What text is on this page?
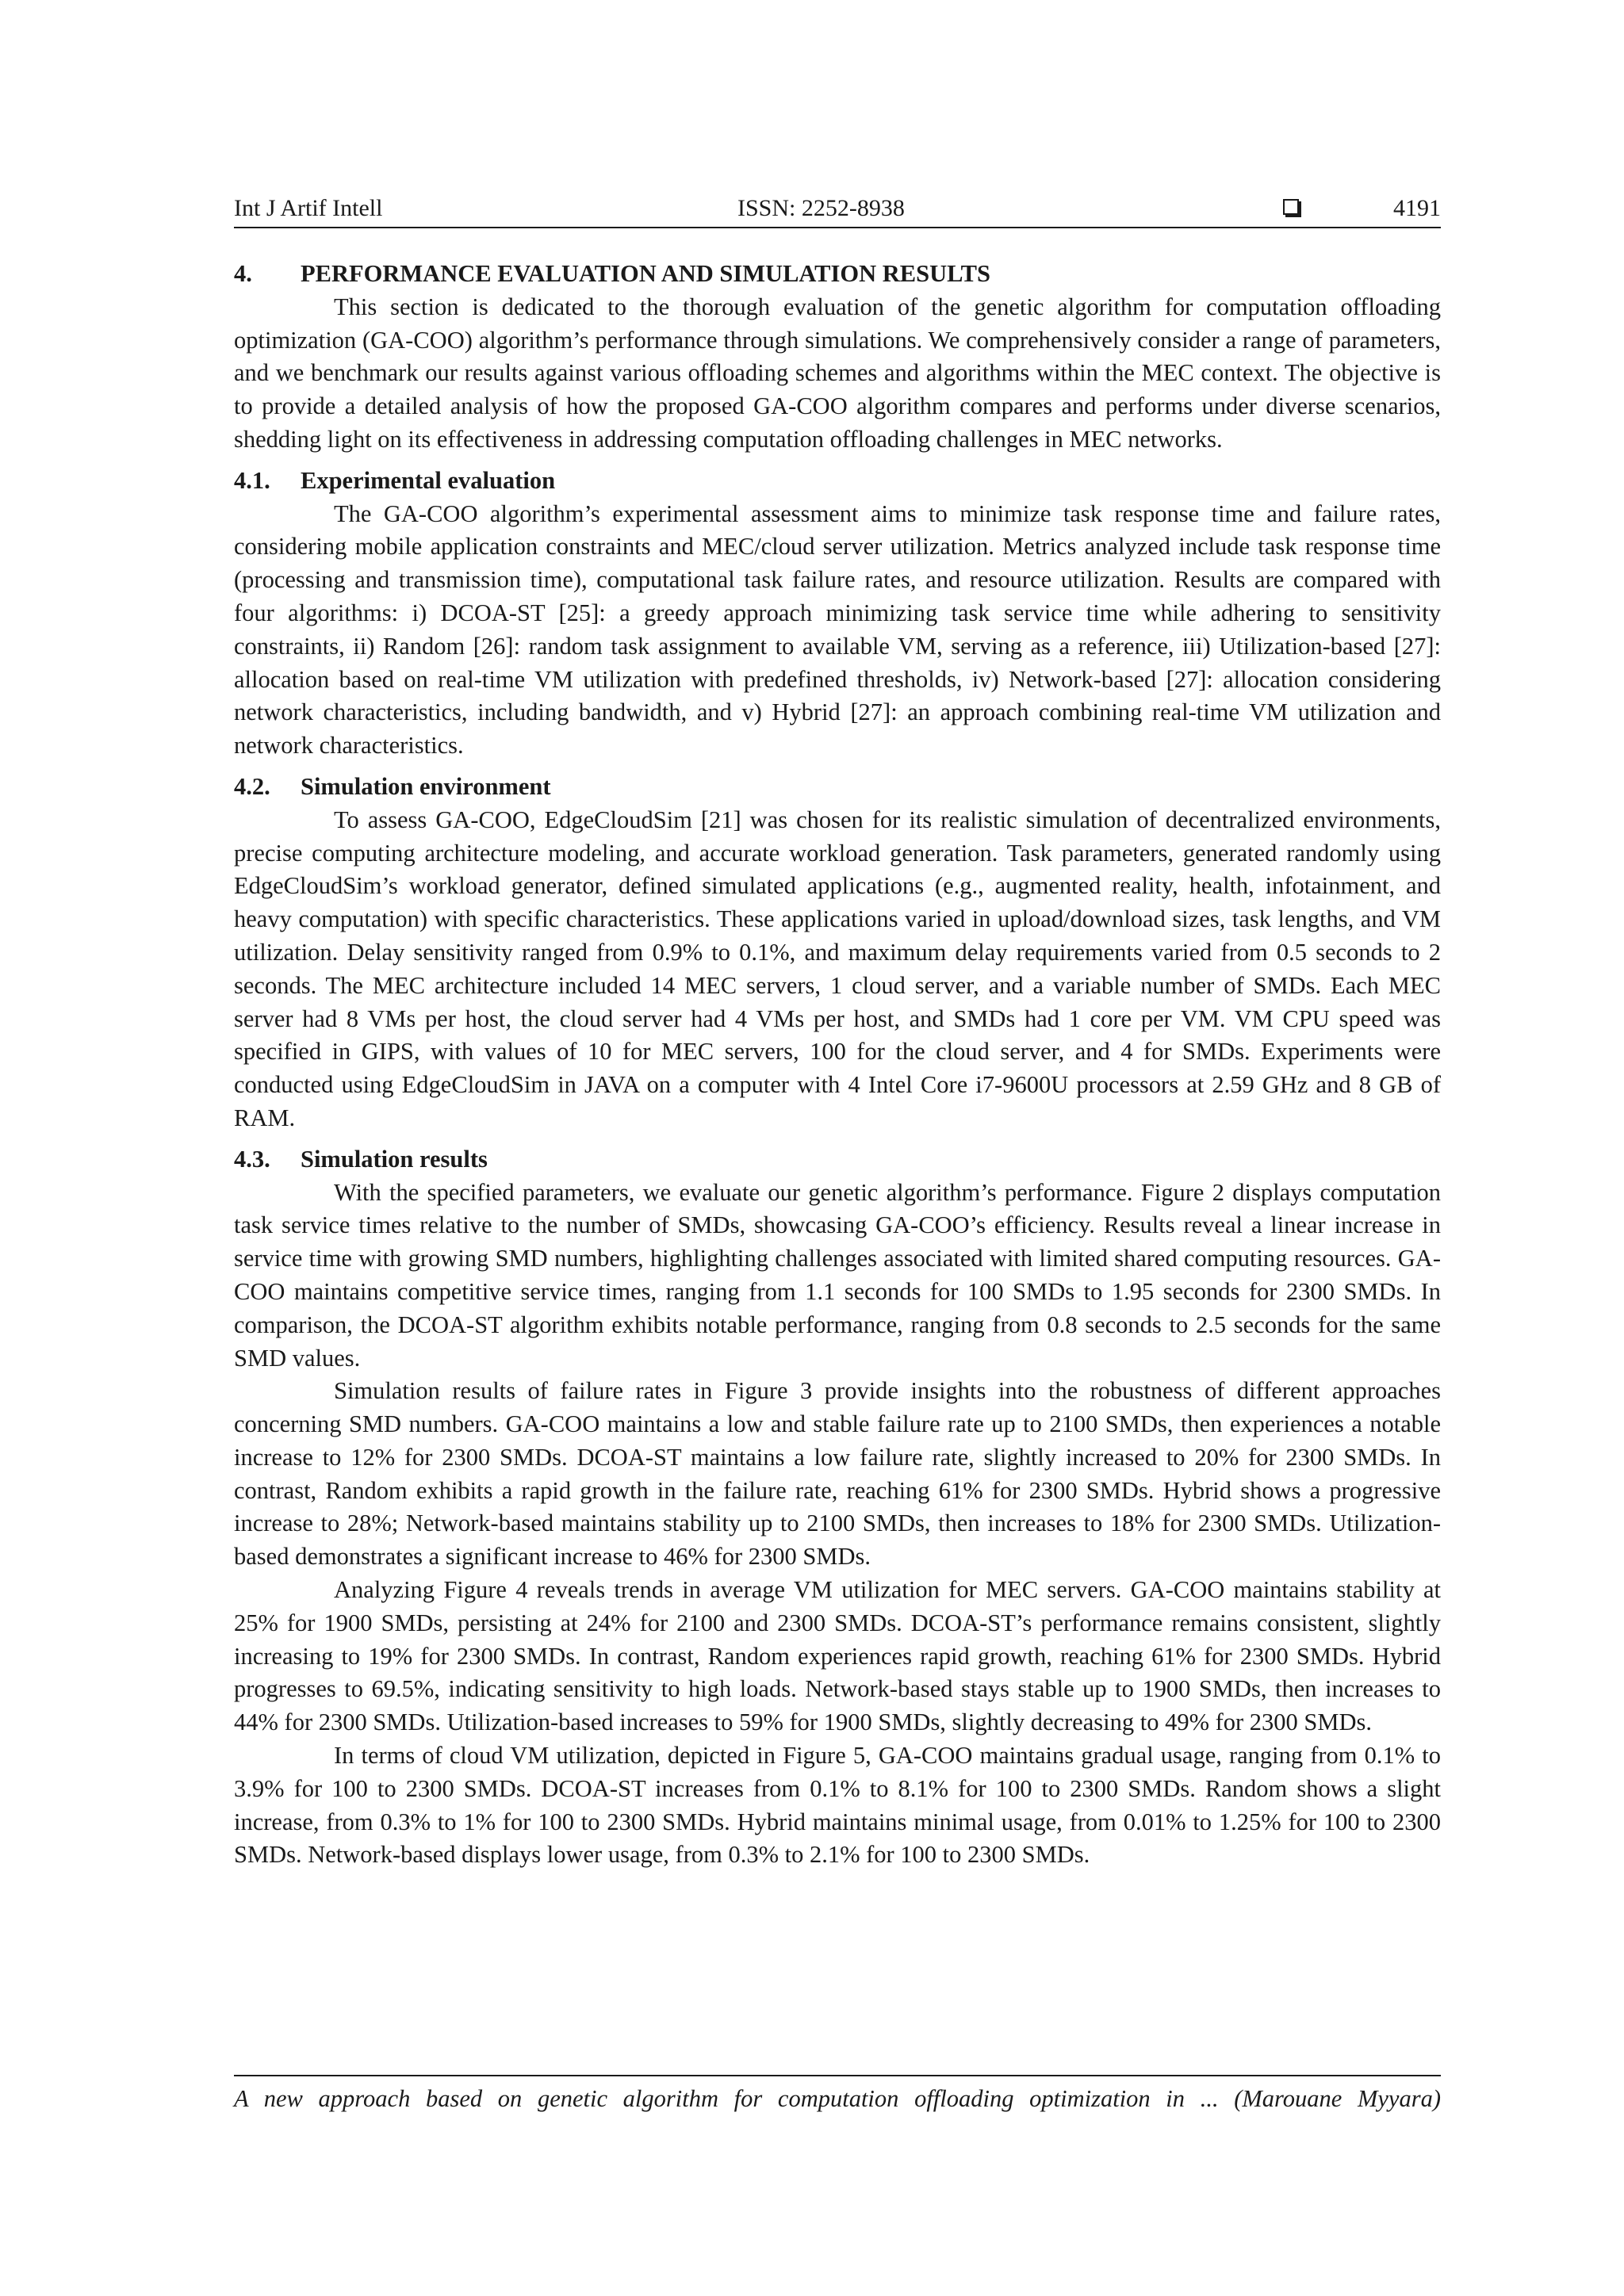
Int J Artif Intell	ISSN: 2252-8938	4191
4. PERFORMANCE EVALUATION AND SIMULATION RESULTS

This section is dedicated to the thorough evaluation of the genetic algorithm for computation offloading optimization (GA-COO) algorithm’s performance through simulations. We comprehensively consider a range of parameters, and we benchmark our results against various offloading schemes and algorithms within the MEC context. The objective is to provide a detailed analysis of how the proposed GA-COO algorithm compares and performs under diverse scenarios, shedding light on its effectiveness in addressing computation offloading challenges in MEC networks.

4.1. Experimental evaluation

The GA-COO algorithm’s experimental assessment aims to minimize task response time and failure rates, considering mobile application constraints and MEC/cloud server utilization. Metrics analyzed include task response time (processing and transmission time), computational task failure rates, and resource utilization. Results are compared with four algorithms: i) DCOA-ST [25]: a greedy approach minimizing task service time while adhering to sensitivity constraints, ii) Random [26]: random task assignment to available VM, serving as a reference, iii) Utilization-based [27]: allocation based on real-time VM utilization with predefined thresholds, iv) Network-based [27]: allocation considering network characteristics, including bandwidth, and v) Hybrid [27]: an approach combining real-time VM utilization and network characteristics.

4.2. Simulation environment

To assess GA-COO, EdgeCloudSim [21] was chosen for its realistic simulation of decentralized environments, precise computing architecture modeling, and accurate workload generation. Task parameters, generated randomly using EdgeCloudSim’s workload generator, defined simulated applications (e.g., augmented reality, health, infotainment, and heavy computation) with specific characteristics. These applications varied in upload/download sizes, task lengths, and VM utilization. Delay sensitivity ranged from 0.9% to 0.1%, and maximum delay requirements varied from 0.5 seconds to 2 seconds. The MEC architecture included 14 MEC servers, 1 cloud server, and a variable number of SMDs. Each MEC server had 8 VMs per host, the cloud server had 4 VMs per host, and SMDs had 1 core per VM. VM CPU speed was specified in GIPS, with values of 10 for MEC servers, 100 for the cloud server, and 4 for SMDs. Experiments were conducted using EdgeCloudSim in JAVA on a computer with 4 Intel Core i7-9600U processors at 2.59 GHz and 8 GB of RAM.

4.3. Simulation results

With the specified parameters, we evaluate our genetic algorithm’s performance. Figure 2 displays computation task service times relative to the number of SMDs, showcasing GA-COO’s efficiency. Results reveal a linear increase in service time with growing SMD numbers, highlighting challenges associated with limited shared computing resources. GA-COO maintains competitive service times, ranging from 1.1 seconds for 100 SMDs to 1.95 seconds for 2300 SMDs. In comparison, the DCOA-ST algorithm exhibits notable performance, ranging from 0.8 seconds to 2.5 seconds for the same SMD values.

Simulation results of failure rates in Figure 3 provide insights into the robustness of different approaches concerning SMD numbers. GA-COO maintains a low and stable failure rate up to 2100 SMDs, then experiences a notable increase to 12% for 2300 SMDs. DCOA-ST maintains a low failure rate, slightly increased to 20% for 2300 SMDs. In contrast, Random exhibits a rapid growth in the failure rate, reaching 61% for 2300 SMDs. Hybrid shows a progressive increase to 28%; Network-based maintains stability up to 2100 SMDs, then increases to 18% for 2300 SMDs. Utilization-based demonstrates a significant increase to 46% for 2300 SMDs.

Analyzing Figure 4 reveals trends in average VM utilization for MEC servers. GA-COO maintains stability at 25% for 1900 SMDs, persisting at 24% for 2100 and 2300 SMDs. DCOA-ST’s performance remains consistent, slightly increasing to 19% for 2300 SMDs. In contrast, Random experiences rapid growth, reaching 61% for 2300 SMDs. Hybrid progresses to 69.5%, indicating sensitivity to high loads. Network-based stays stable up to 1900 SMDs, then increases to 44% for 2300 SMDs. Utilization-based increases to 59% for 1900 SMDs, slightly decreasing to 49% for 2300 SMDs.

In terms of cloud VM utilization, depicted in Figure 5, GA-COO maintains gradual usage, ranging from 0.1% to 3.9% for 100 to 2300 SMDs. DCOA-ST increases from 0.1% to 8.1% for 100 to 2300 SMDs. Random shows a slight increase, from 0.3% to 1% for 100 to 2300 SMDs. Hybrid maintains minimal usage, from 0.01% to 1.25% for 100 to 2300 SMDs. Network-based displays lower usage, from 0.3% to 2.1% for 100 to 2300 SMDs.

A new approach based on genetic algorithm for computation offloading optimization in ... (Marouane Myyara)
